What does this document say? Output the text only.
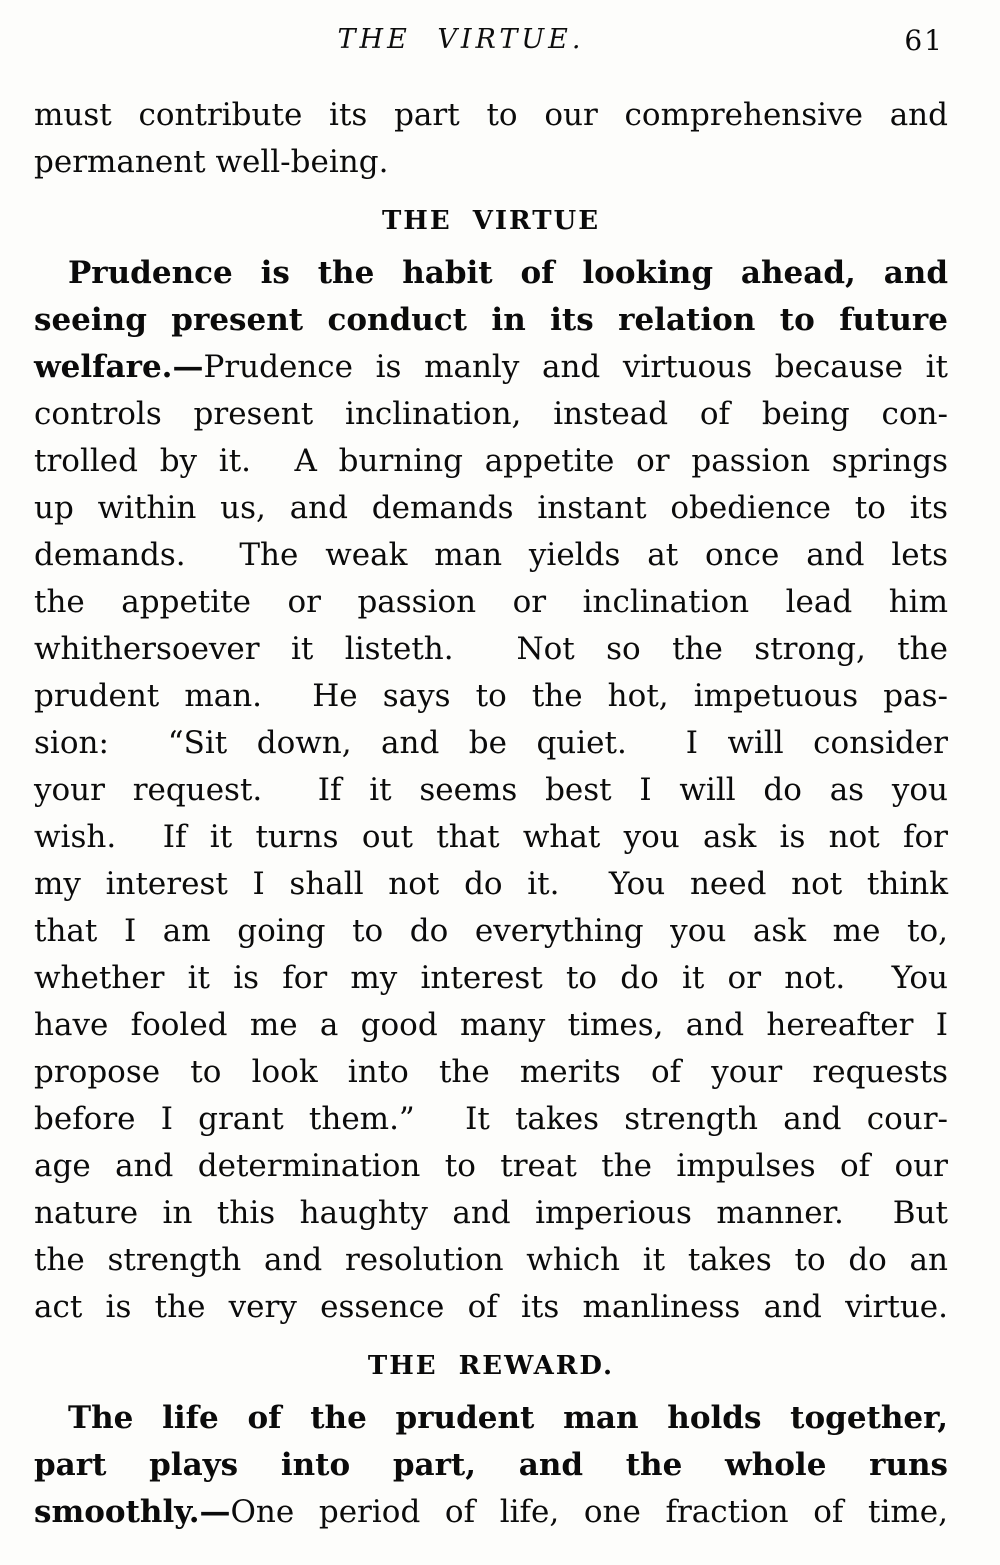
THE VIRTUE.	61
must contribute its part to our comprehensive and
permanent well-being.
THE VIRTUE
Prudence is the habit of looking ahead, and
seeing present conduct in its relation to future
welfare.—Prudence is manly and virtuous because it
controls present inclination, instead of being con-
trolled by it.  A burning appetite or passion springs
up within us, and demands instant obedience to its
demands.  The weak man yields at once and lets
the appetite or passion or inclination lead him
whithersoever it listeth.  Not so the strong, the
prudent man.  He says to the hot, impetuous pas-
sion:  “Sit down, and be quiet.  I will consider
your request.  If it seems best I will do as you
wish.  If it turns out that what you ask is not for
my interest I shall not do it.  You need not think
that I am going to do everything you ask me to,
whether it is for my interest to do it or not.  You
have fooled me a good many times, and hereafter I
propose to look into the merits of your requests
before I grant them.”  It takes strength and cour-
age and determination to treat the impulses of our
nature in this haughty and imperious manner.  But
the strength and resolution which it takes to do an
act is the very essence of its manliness and virtue.
THE REWARD.
The life of the prudent man holds together,
part plays into part, and the whole runs
smoothly.—One period of life, one fraction of time,
